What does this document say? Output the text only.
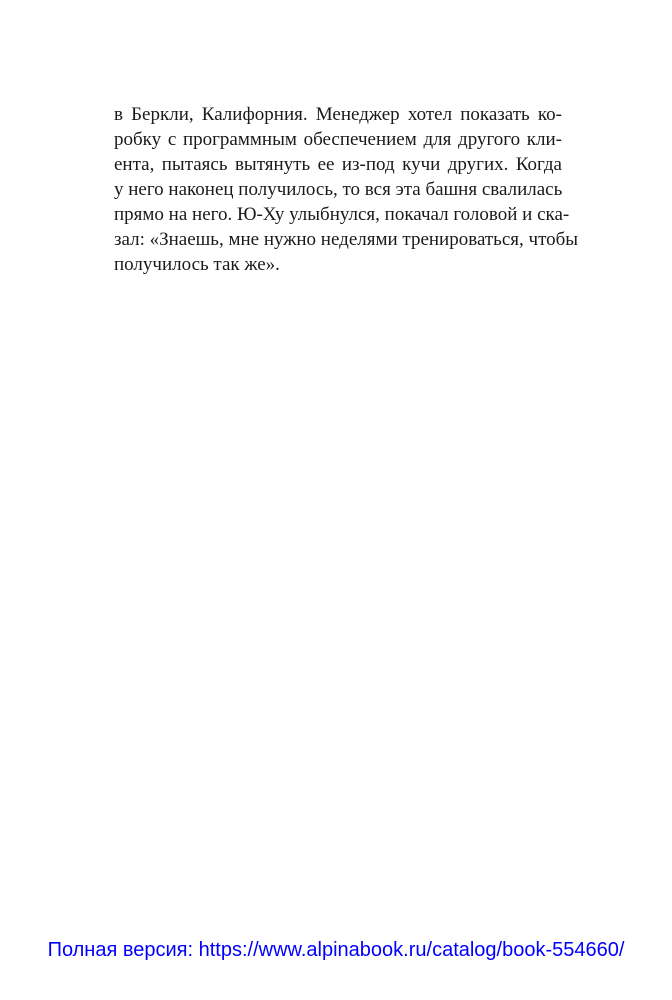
в Беркли, Калифорния. Менеджер хотел показать ко-
робку с программным обеспечением для другого кли-
ента, пытаясь вытянуть ее из-под кучи других. Когда
у него наконец получилось, то вся эта башня свалилась
прямо на него. Ю-Ху улыбнулся, покачал головой и ска-
зал: «Знаешь, мне нужно неделями тренироваться, чтобы
получилось так же».
Полная версия: https://www.alpinabook.ru/catalog/book-554660/
